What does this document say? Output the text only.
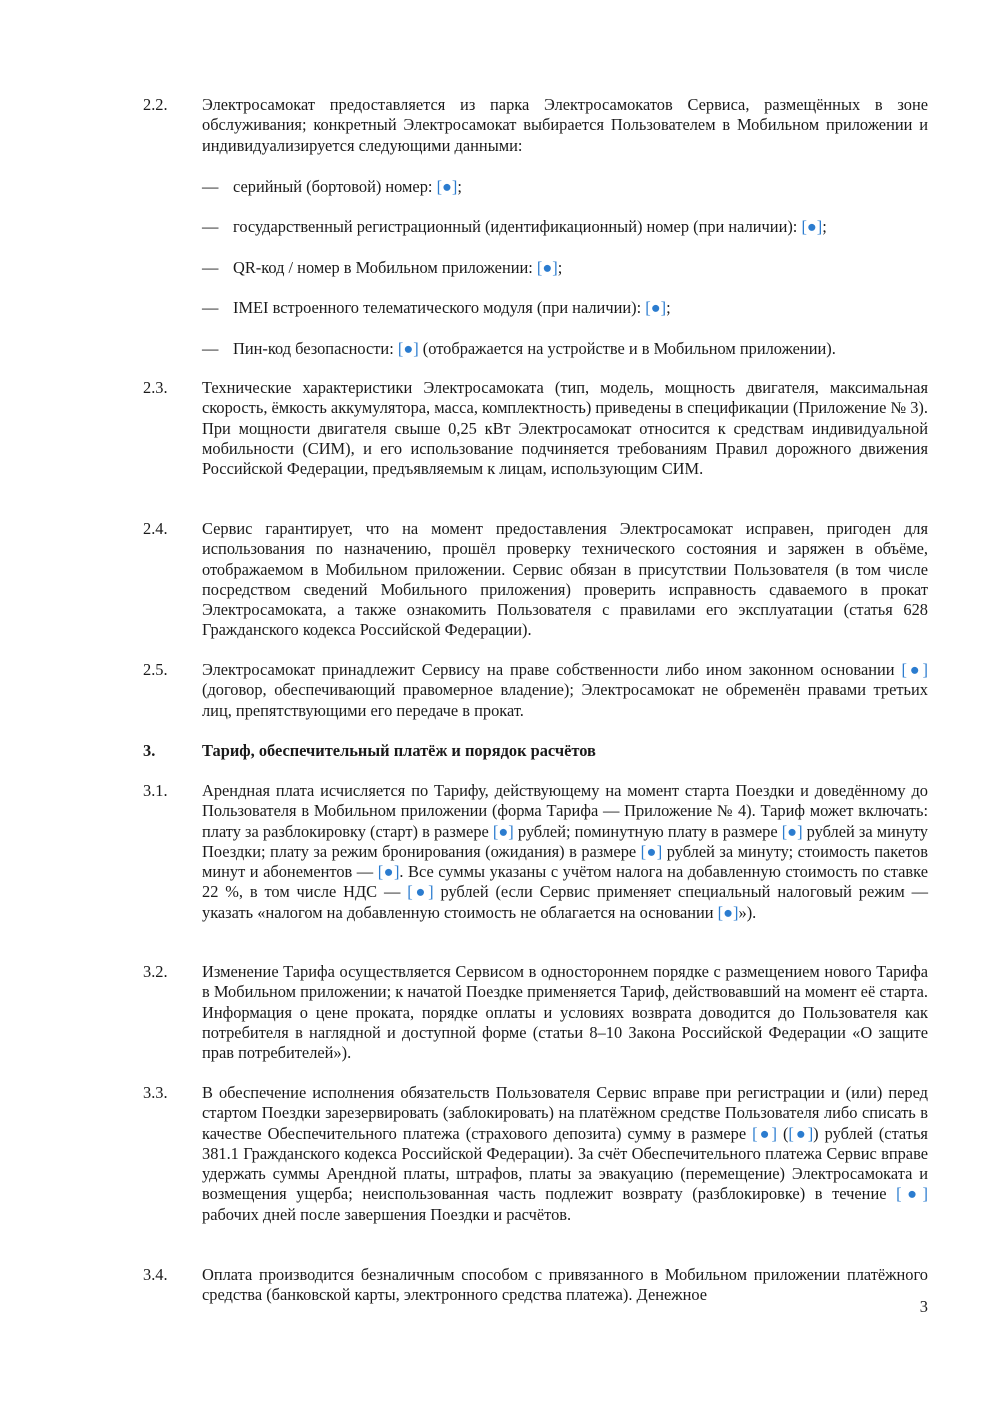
2.2. Электросамокат предоставляется из парка Электросамокатов Сервиса, размещённых в зоне обслуживания; конкретный Электросамокат выбирается Пользователем в Мобильном приложении и индивидуализируется следующими данными:
— серийный (бортовой) номер: [●];
— государственный регистрационный (идентификационный) номер (при наличии): [●];
— QR-код / номер в Мобильном приложении: [●];
— IMEI встроенного телематического модуля (при наличии): [●];
— Пин-код безопасности: [●] (отображается на устройстве и в Мобильном приложении).
2.3. Технические характеристики Электросамоката (тип, модель, мощность двигателя, максимальная скорость, ёмкость аккумулятора, масса, комплектность) приведены в спецификации (Приложение № 3). При мощности двигателя свыше 0,25 кВт Электросамокат относится к средствам индивидуальной мобильности (СИМ), и его использование подчиняется требованиям Правил дорожного движения Российской Федерации, предъявляемым к лицам, использующим СИМ.
2.4. Сервис гарантирует, что на момент предоставления Электросамокат исправен, пригоден для использования по назначению, прошёл проверку технического состояния и заряжен в объёме, отображаемом в Мобильном приложении. Сервис обязан в присутствии Пользователя (в том числе посредством сведений Мобильного приложения) проверить исправность сдаваемого в прокат Электросамоката, а также ознакомить Пользователя с правилами его эксплуатации (статья 628 Гражданского кодекса Российской Федерации).
2.5. Электросамокат принадлежит Сервису на праве собственности либо ином законном основании [●] (договор, обеспечивающий правомерное владение); Электросамокат не обременён правами третьих лиц, препятствующими его передаче в прокат.
3.	Тариф, обеспечительный платёж и порядок расчётов
3.1. Арендная плата исчисляется по Тарифу, действующему на момент старта Поездки и доведённому до Пользователя в Мобильном приложении (форма Тарифа — Приложение № 4). Тариф может включать: плату за разблокировку (старт) в размере [●] рублей; поминутную плату в размере [●] рублей за минуту Поездки; плату за режим бронирования (ожидания) в размере [●] рублей за минуту; стоимость пакетов минут и абонементов — [●]. Все суммы указаны с учётом налога на добавленную стоимость по ставке 22 %, в том числе НДС — [●] рублей (если Сервис применяет специальный налоговый режим — указать «налогом на добавленную стоимость не облагается на основании [●]»).
3.2. Изменение Тарифа осуществляется Сервисом в одностороннем порядке с размещением нового Тарифа в Мобильном приложении; к начатой Поездке применяется Тариф, действовавший на момент её старта. Информация о цене проката, порядке оплаты и условиях возврата доводится до Пользователя как потребителя в наглядной и доступной форме (статьи 8–10 Закона Российской Федерации «О защите прав потребителей»).
3.3. В обеспечение исполнения обязательств Пользователя Сервис вправе при регистрации и (или) перед стартом Поездки зарезервировать (заблокировать) на платёжном средстве Пользователя либо списать в качестве Обеспечительного платежа (страхового депозита) сумму в размере [●] ([●]) рублей (статья 381.1 Гражданского кодекса Российской Федерации). За счёт Обеспечительного платежа Сервис вправе удержать суммы Арендной платы, штрафов, платы за эвакуацию (перемещение) Электросамоката и возмещения ущерба; неиспользованная часть подлежит возврату (разблокировке) в течение [●] рабочих дней после завершения Поездки и расчётов.
3.4. Оплата производится безналичным способом с привязанного в Мобильном приложении платёжного средства (банковской карты, электронного средства платежа). Денежное
3
